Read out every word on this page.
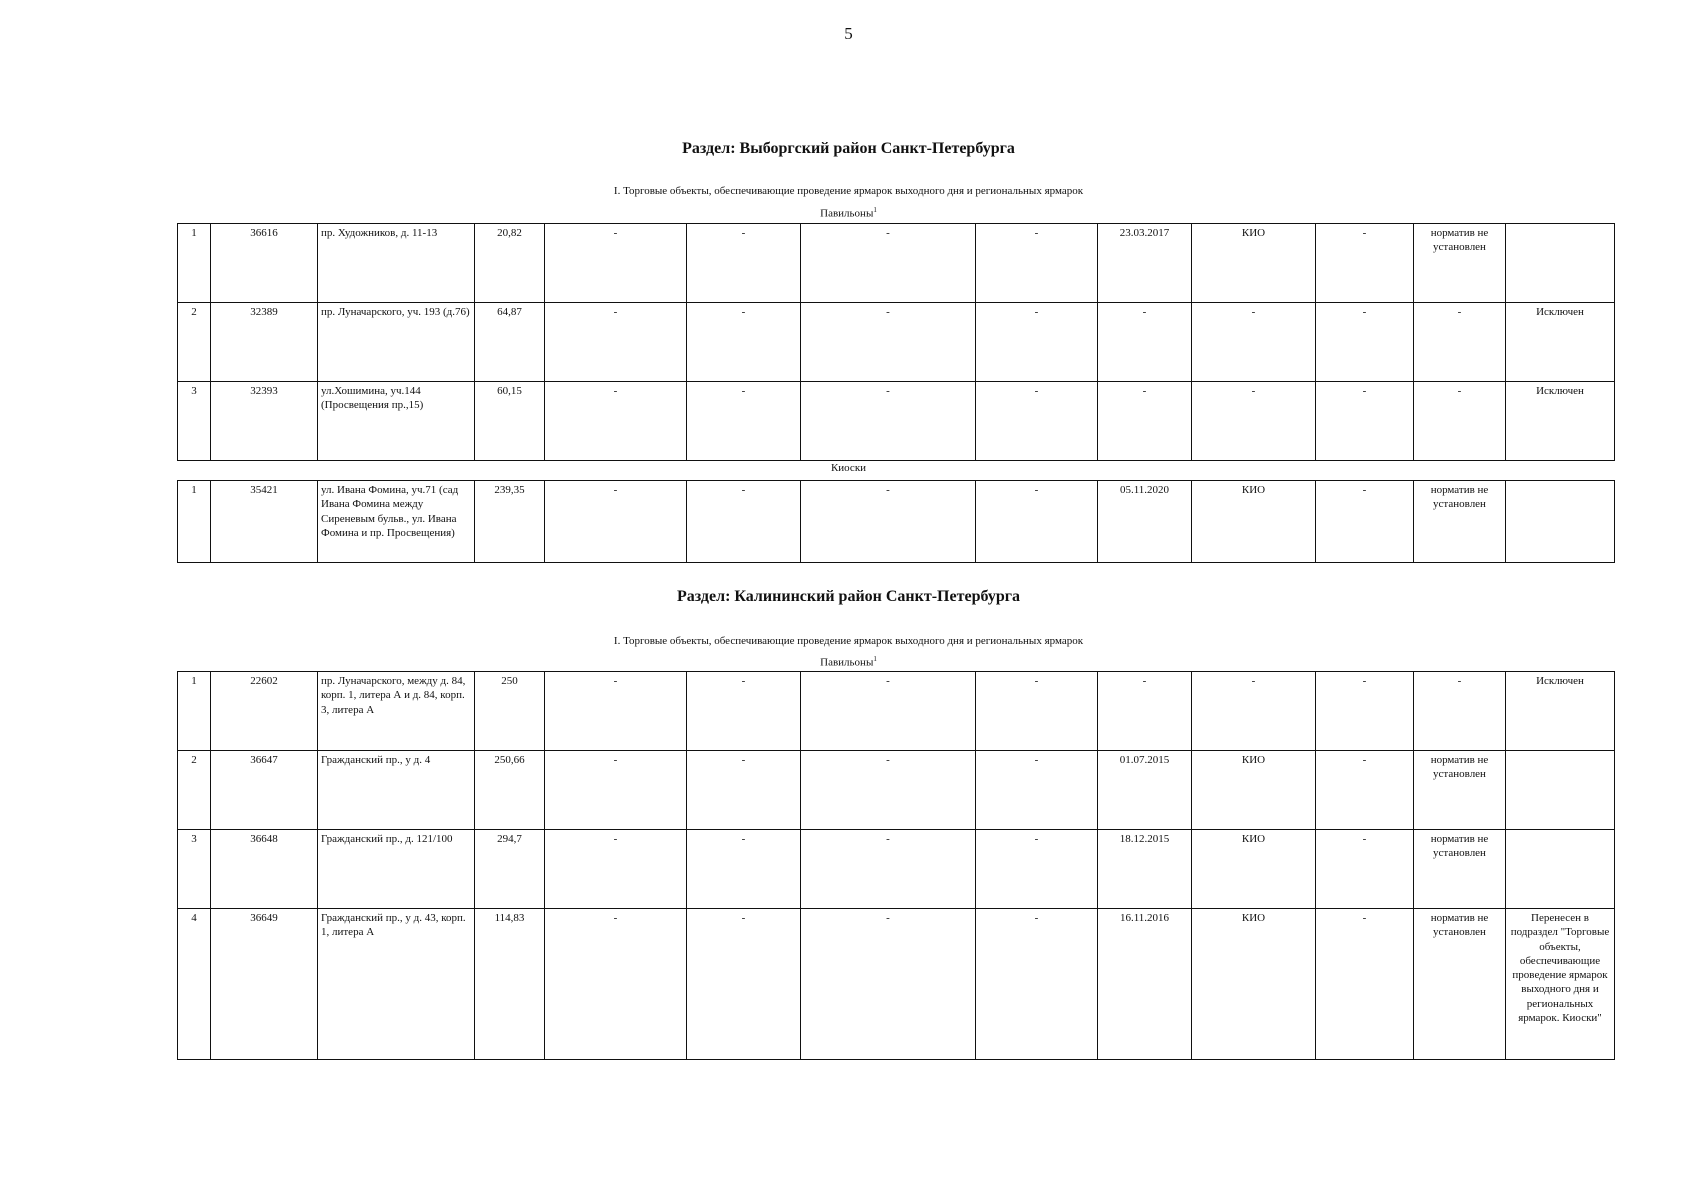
5
Раздел: Выборгский район Санкт-Петербурга
I. Торговые объекты, обеспечивающие проведение ярмарок выходного дня и региональных ярмарок
Павильоны$^1$
1	36616	пр. Художников, д. 11-13	20,82	-	-	-	-	23.03.2017	КИО	-	норматив не установлен	
2	32389	пр. Луначарского, уч. 193 (д.76)	64,87	-	-	-	-	-	-	-	-	Исключен
3	32393	ул.Хошимина, уч.144 (Просвещения пр.,15)	60,15	-	-	-	-	-	-	-	-	Исключен
Киоски
1	35421	ул. Ивана Фомина, уч.71 (сад Ивана Фомина между Сиреневым бульв., ул. Ивана Фомина и пр. Просвещения)	239,35	-	-	-	-	05.11.2020	КИО	-	норматив не установлен	
Раздел: Калининский район Санкт-Петербурга
I. Торговые объекты, обеспечивающие проведение ярмарок выходного дня и региональных ярмарок
Павильоны$^1$
1	22602	пр. Луначарского, между д. 84, корп. 1, литера А и д. 84, корп. 3, литера А	250	-	-	-	-	-	-	-	-	Исключен
2	36647	Гражданский пр., у д. 4	250,66	-	-	-	-	01.07.2015	КИО	-	норматив не установлен	
3	36648	Гражданский пр., д. 121/100	294,7	-	-	-	-	18.12.2015	КИО	-	норматив не установлен	
4	36649	Гражданский пр., у д. 43, корп. 1, литера А	114,83	-	-	-	-	16.11.2016	КИО	-	норматив не установлен	Перенесен в подраздел "Торговые объекты, обеспечивающие проведение ярмарок выходного дня и региональных ярмарок. Киоски"
